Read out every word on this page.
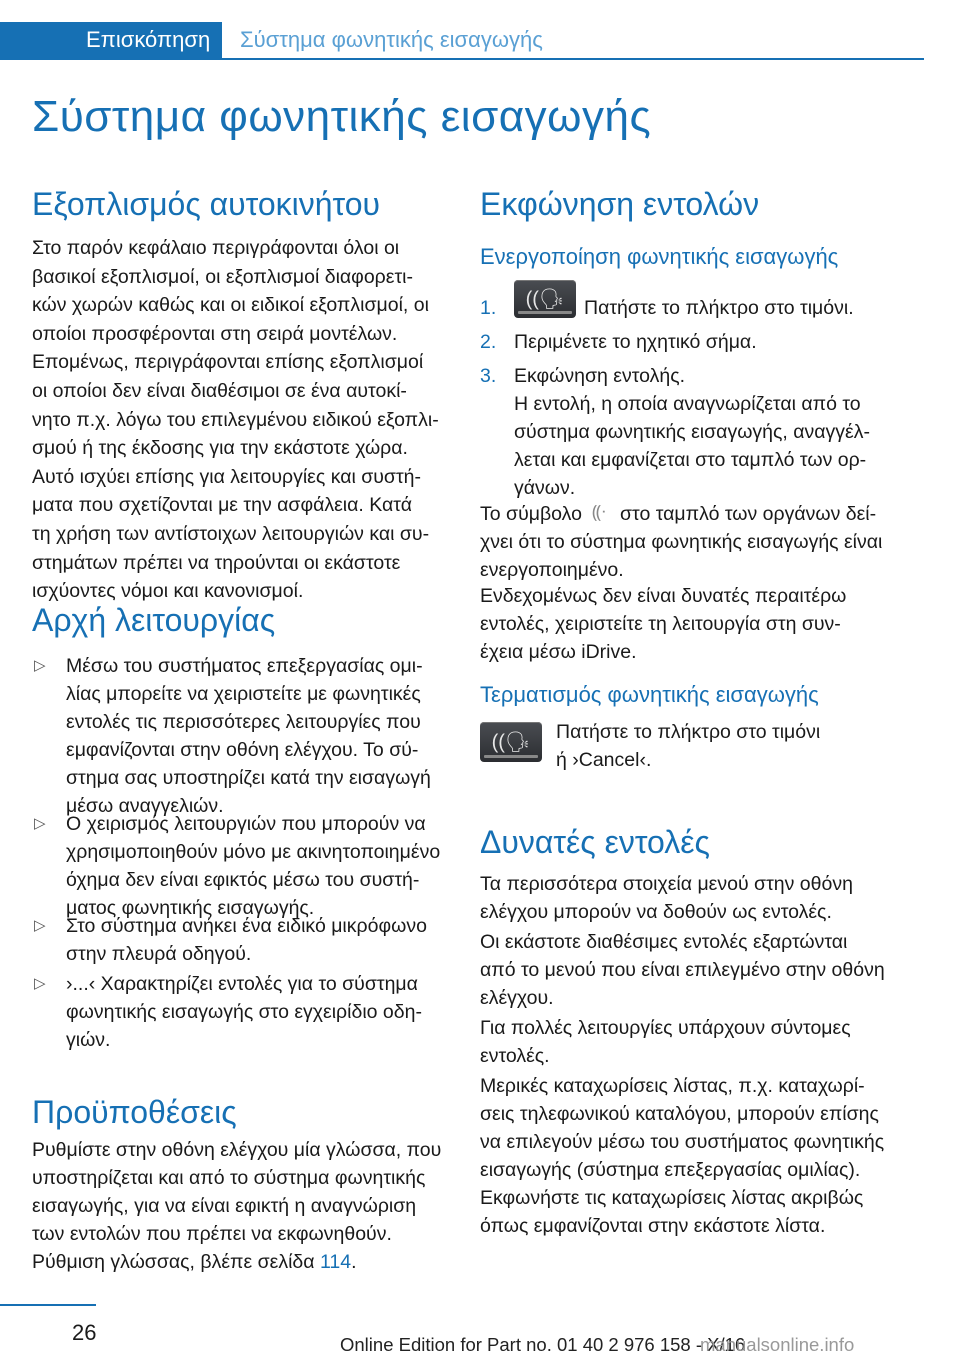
Επισκόπηση	Σύστημα φωνητικής εισαγωγής
Σύστημα φωνητικής εισαγωγής
Εξοπλισμός αυτοκινήτου
Στο παρόν κεφάλαιο περιγράφονται όλοι οι
βασικοί εξοπλισμοί, οι εξοπλισμοί διαφορετι‐
κών χωρών καθώς και οι ειδικοί εξοπλισμοί, οι
οποίοι προσφέρονται στη σειρά μοντέλων.
Επομένως, περιγράφονται επίσης εξοπλισμοί
οι οποίοι δεν είναι διαθέσιμοι σε ένα αυτοκί‐
νητο π.χ. λόγω του επιλεγμένου ειδικού εξοπλι‐
σμού ή της έκδοσης για την εκάστοτε χώρα.
Αυτό ισχύει επίσης για λειτουργίες και συστή‐
ματα που σχετίζονται με την ασφάλεια. Κατά
τη χρήση των αντίστοιχων λειτουργιών και συ‐
στημάτων πρέπει να τηρούνται οι εκάστοτε
ισχύοντες νόμοι και κανονισμοί.
Αρχή λειτουργίας
▷ Μέσω του συστήματος επεξεργασίας ομι‐
λίας μπορείτε να χειριστείτε με φωνητικές
εντολές τις περισσότερες λειτουργίες που
εμφανίζονται στην οθόνη ελέγχου. Το σύ‐
στημα σας υποστηρίζει κατά την εισαγωγή
μέσω αναγγελιών.
▷ Ο χειρισμός λειτουργιών που μπορούν να
χρησιμοποιηθούν μόνο με ακινητοποιημένο
όχημα δεν είναι εφικτός μέσω του συστή‐
ματος φωνητικής εισαγωγής.
▷ Στο σύστημα ανήκει ένα ειδικό μικρόφωνο
στην πλευρά οδηγού.
▷ ›...‹ Χαρακτηρίζει εντολές για το σύστημα
φωνητικής εισαγωγής στο εγχειρίδιο οδη‐
γιών.
Προϋποθέσεις
Ρυθμίστε στην οθόνη ελέγχου μία γλώσσα, που
υποστηρίζεται και από το σύστημα φωνητικής
εισαγωγής, για να είναι εφικτή η αναγνώριση
των εντολών που πρέπει να εκφωνηθούν.
Ρύθμιση γλώσσας, βλέπε σελίδα 114.
Εκφώνηση εντολών
Ενεργοποίηση φωνητικής εισαγωγής
1. ((🗣 Πατήστε το πλήκτρο στο τιμόνι.
2. Περιμένετε το ηχητικό σήμα.
3. Εκφώνηση εντολής.
Η εντολή, η οποία αναγνωρίζεται από το
σύστημα φωνητικής εισαγωγής, αναγγέλ‐
λεται και εμφανίζεται στο ταμπλό των ορ‐
γάνων.
Το σύμβολο ⸨ᐧ στο ταμπλό των οργάνων δεί‐
χνει ότι το σύστημα φωνητικής εισαγωγής είναι
ενεργοποιημένο.
Ενδεχομένως δεν είναι δυνατές περαιτέρω
εντολές, χειριστείτε τη λειτουργία στη συν‐
έχεια μέσω iDrive.
Τερματισμός φωνητικής εισαγωγής
((🗣 Πατήστε το πλήκτρο στο τιμόνι
ή ›Cancel‹.
Δυνατές εντολές
Τα περισσότερα στοιχεία μενού στην οθόνη
ελέγχου μπορούν να δοθούν ως εντολές.
Οι εκάστοτε διαθέσιμες εντολές εξαρτώνται
από το μενού που είναι επιλεγμένο στην οθόνη
ελέγχου.
Για πολλές λειτουργίες υπάρχουν σύντομες
εντολές.
Μερικές καταχωρίσεις λίστας, π.χ. καταχωρί‐
σεις τηλεφωνικού καταλόγου, μπορούν επίσης
να επιλεγούν μέσω του συστήματος φωνητικής
εισαγωγής (σύστημα επεξεργασίας ομιλίας).
Εκφωνήστε τις καταχωρίσεις λίστας ακριβώς
όπως εμφανίζονται στην εκάστοτε λίστα.
26	Online Edition for Part no. 01 40 2 976 158 - X/16
manualsonline.info
